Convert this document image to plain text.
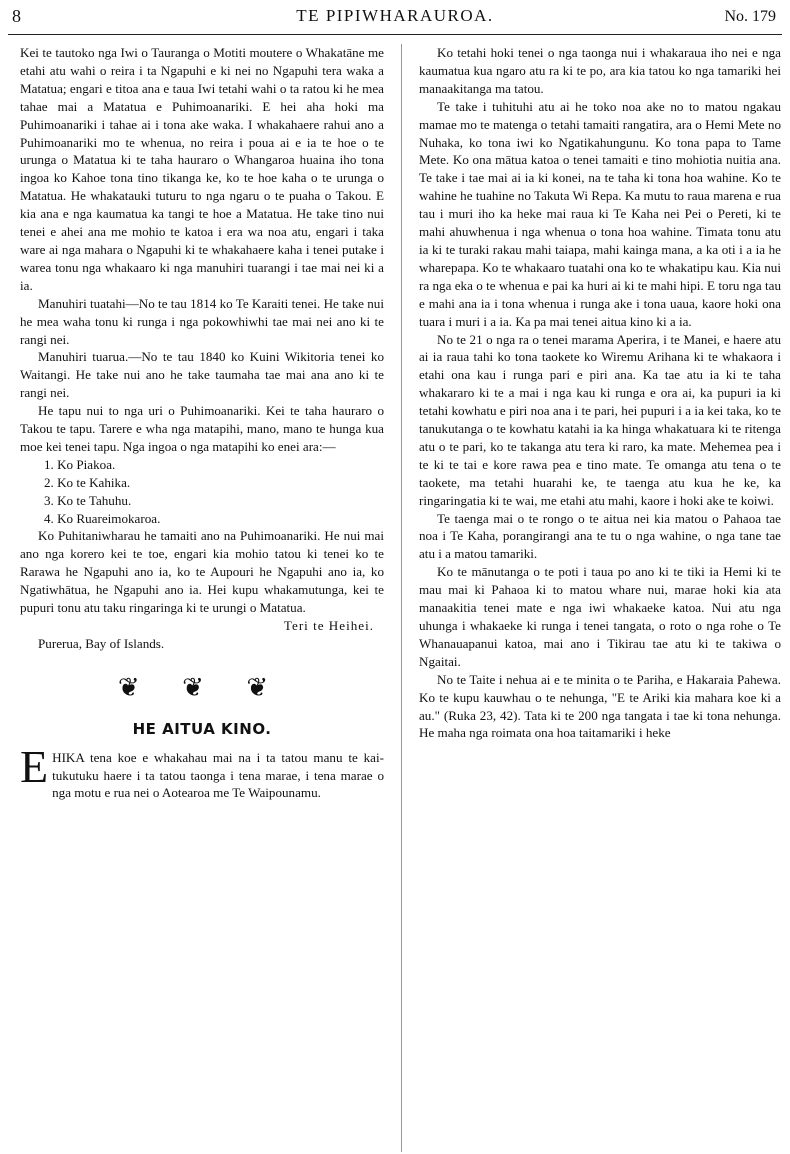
8	TE PIPIWHARAUROA.	No. 179

Kei te tautoko nga Iwi o Tauranga o Motiti moutere o Whakatāne me etahi atu wahi o reira i ta Ngapuhi e ki nei no Ngapuhi tera waka a Matatua; engari e titoa ana e taua Iwi tetahi wahi o ta ratou ki he mea tahae mai a Matatua e Puhimoanariki. E hei aha hoki ma Puhimoanariki i tahae ai i tona ake waka. I whakahaere rahui ano a Puhimoanariki mo te whenua, no reira i pouа ai e ia te hoe o te urunga o Matatua ki te taha hauraro o Whangaroa huaina iho tona ingoa ko Kahoe tona tino tikanga ke, ko te hoe kaha o te urunga o Matatua. He whakatauki tuturu to nga ngaru o te puaha o Takou. E kia ana e nga kaumatua ka tangi te hoe a Matatua. He take tino nui tenei e ahei ana me mohio te katoa i era wa noa atu, engari i taka ware ai nga mahara o Ngapuhi ki te whakahaere kaha i tenei putake i warea tonu nga whakaaro ki nga manuhiri tuarangi i tae mai nei ki a ia.

Manuhiri tuatahi—No te tau 1814 ko Te Karaiti tenei. He take nui he mea waha tonu ki runga i nga pokowhiwhi tae mai nei ano ki te rangi nei.

Manuhiri tuarua.—No te tau 1840 ko Kuini Wikitoria tenei ko Waitangi. He take nui ano he take taumaha tae mai ana ano ki te rangi nei.

He tapu nui to nga uri o Puhimoanariki. Kei te taha hauraro o Takou te tapu. Tarere e wha nga matapihi, mano, mano te hunga kua moe kei tenei tapu. Nga ingoa o nga matapihi ko enei ara:—

1. Ko Piakoa.
2. Ko te Kahika.
3. Ko te Tahuhu.
4. Ko Ruareimokaroa.

Ko Puhitaniwharau he tamaiti ano na Puhimoanariki. He nui mai ano nga korero kei te toe, engari kia mohio tatou ki tenei ko te Rarawa he Ngapuhi ano ia, ko te Aupouri he Ngapuhi ano ia, ko Ngatiwhātua, he Ngapuhi ano ia. Hei kupu whakamutunga, kei te pupuri tonu atu taku ringaringa ki te urungi o Matatua.

Teri te Heihei.

Purerua, Bay of Islands.

❦ ❦ ❦
HE AITUA KINO.

EHIKA tena koe e whakahau mai na i ta tatou manu te kai-tukutuku haere i ta tatou taonga i tena marae, i tena marae o nga motu e rua nei o Aotearoa me Te Waipounamu.

Ko tetahi hoki tenei o nga taonga nui i whakaraua iho nei e nga kaumatua kua ngaro atu ra ki te po, ara kia tatou ko nga tamariki hei manaakitanga ma tatou.

Te take i tuhituhi atu ai he toko noa ake no to matou ngakau mamae mo te matenga o tetahi tamaiti rangatira, ara o Hemi Mete no Nuhaka, ko tona iwi ko Ngatikahungunu. Ko tona papa to Tame Mete. Ko ona mātua katoa o tenei tamaiti e tino mohiotia nuitia ana. Te take i tae mai ai ia ki konei, na te taha ki tona hoa wahine. Ko te wahine he tuahine no Takuta Wi Repa. Ka mutu to raua marena e rua tau i muri iho ka heke mai raua ki Te Kaha nei Pei o Pereti, ki te mahi ahuwhenua i nga whenua o tona hoa wahine. Timata tonu atu ia ki te turaki rakau mahi taiapa, mahi kainga mana, a ka oti i a ia he wharepapa. Ko te whakaaro tuatahi ona ko te whakatipu kau. Kia nui ra nga eka o te whenua e pai ka huri ai ki te mahi hipi. E toru nga tau e mahi ana ia i tona whenua i runga ake i tona uaua, kaore hoki ona tuara i muri i a ia. Ka pa mai tenei aitua kino ki a ia.

No te 21 o nga ra o tenei marama Aperira, i te Manei, e haere atu ai ia raua tahi ko tona taokete ko Wiremu Arihana ki te whakaora i etahi ona kau i runga pari e piri ana. Ka tae atu ia ki te taha whakararo ki te a mai i nga kau ki runga e ora ai, ka pupuri ia ki tetahi kowhatu e piri noa ana i te pari, hei pupuri i a ia kei taka, ko te tanukutanga o te kowhatu katahi ia ka hinga whakatuara ki te ritenga atu o te pari, ko te takanga atu tera ki raro, ka mate. Mehemea pea i te ki te tai e kore rawa pea e tino mate. Te omanga atu tena o te taokete, ma tetahi huarahi ke, te taenga atu kua he ke, ka ringaringatia ki te wai, me etahi atu mahi, kaore i hoki ake te koiwi.

Te taenga mai o te rongo o te aitua nei kia matou o Pahaoa tae noa i Te Kaha, porangirangi ana te tu o nga wahine, o nga tane tae atu i a matou tamariki.

Ko te mānutanga o te poti i taua po ano ki te tiki ia Hemi ki te mau mai ki Pahaoa ki to matou whare nui, marae hoki kia ata manaakitia tenei mate e nga iwi whakaeke katoa. Nui atu nga uhunga i whakaeke ki runga i tenei tangata, o roto o nga rohe o Te Whanauapanui katoa, mai ano i Tikirau tae atu ki te takiwa o Ngaitai.

No te Taite i nehua ai e te minita o te Pariha, e Hakaraia Pahewa. Ko te kupu kauwhau o te nehunga, "E te Ariki kia mahara koe ki a au." (Ruka 23, 42). Tata ki te 200 nga tangata i tae ki tona nehunga. He maha nga roimata ona hoa taitamariki i heke
